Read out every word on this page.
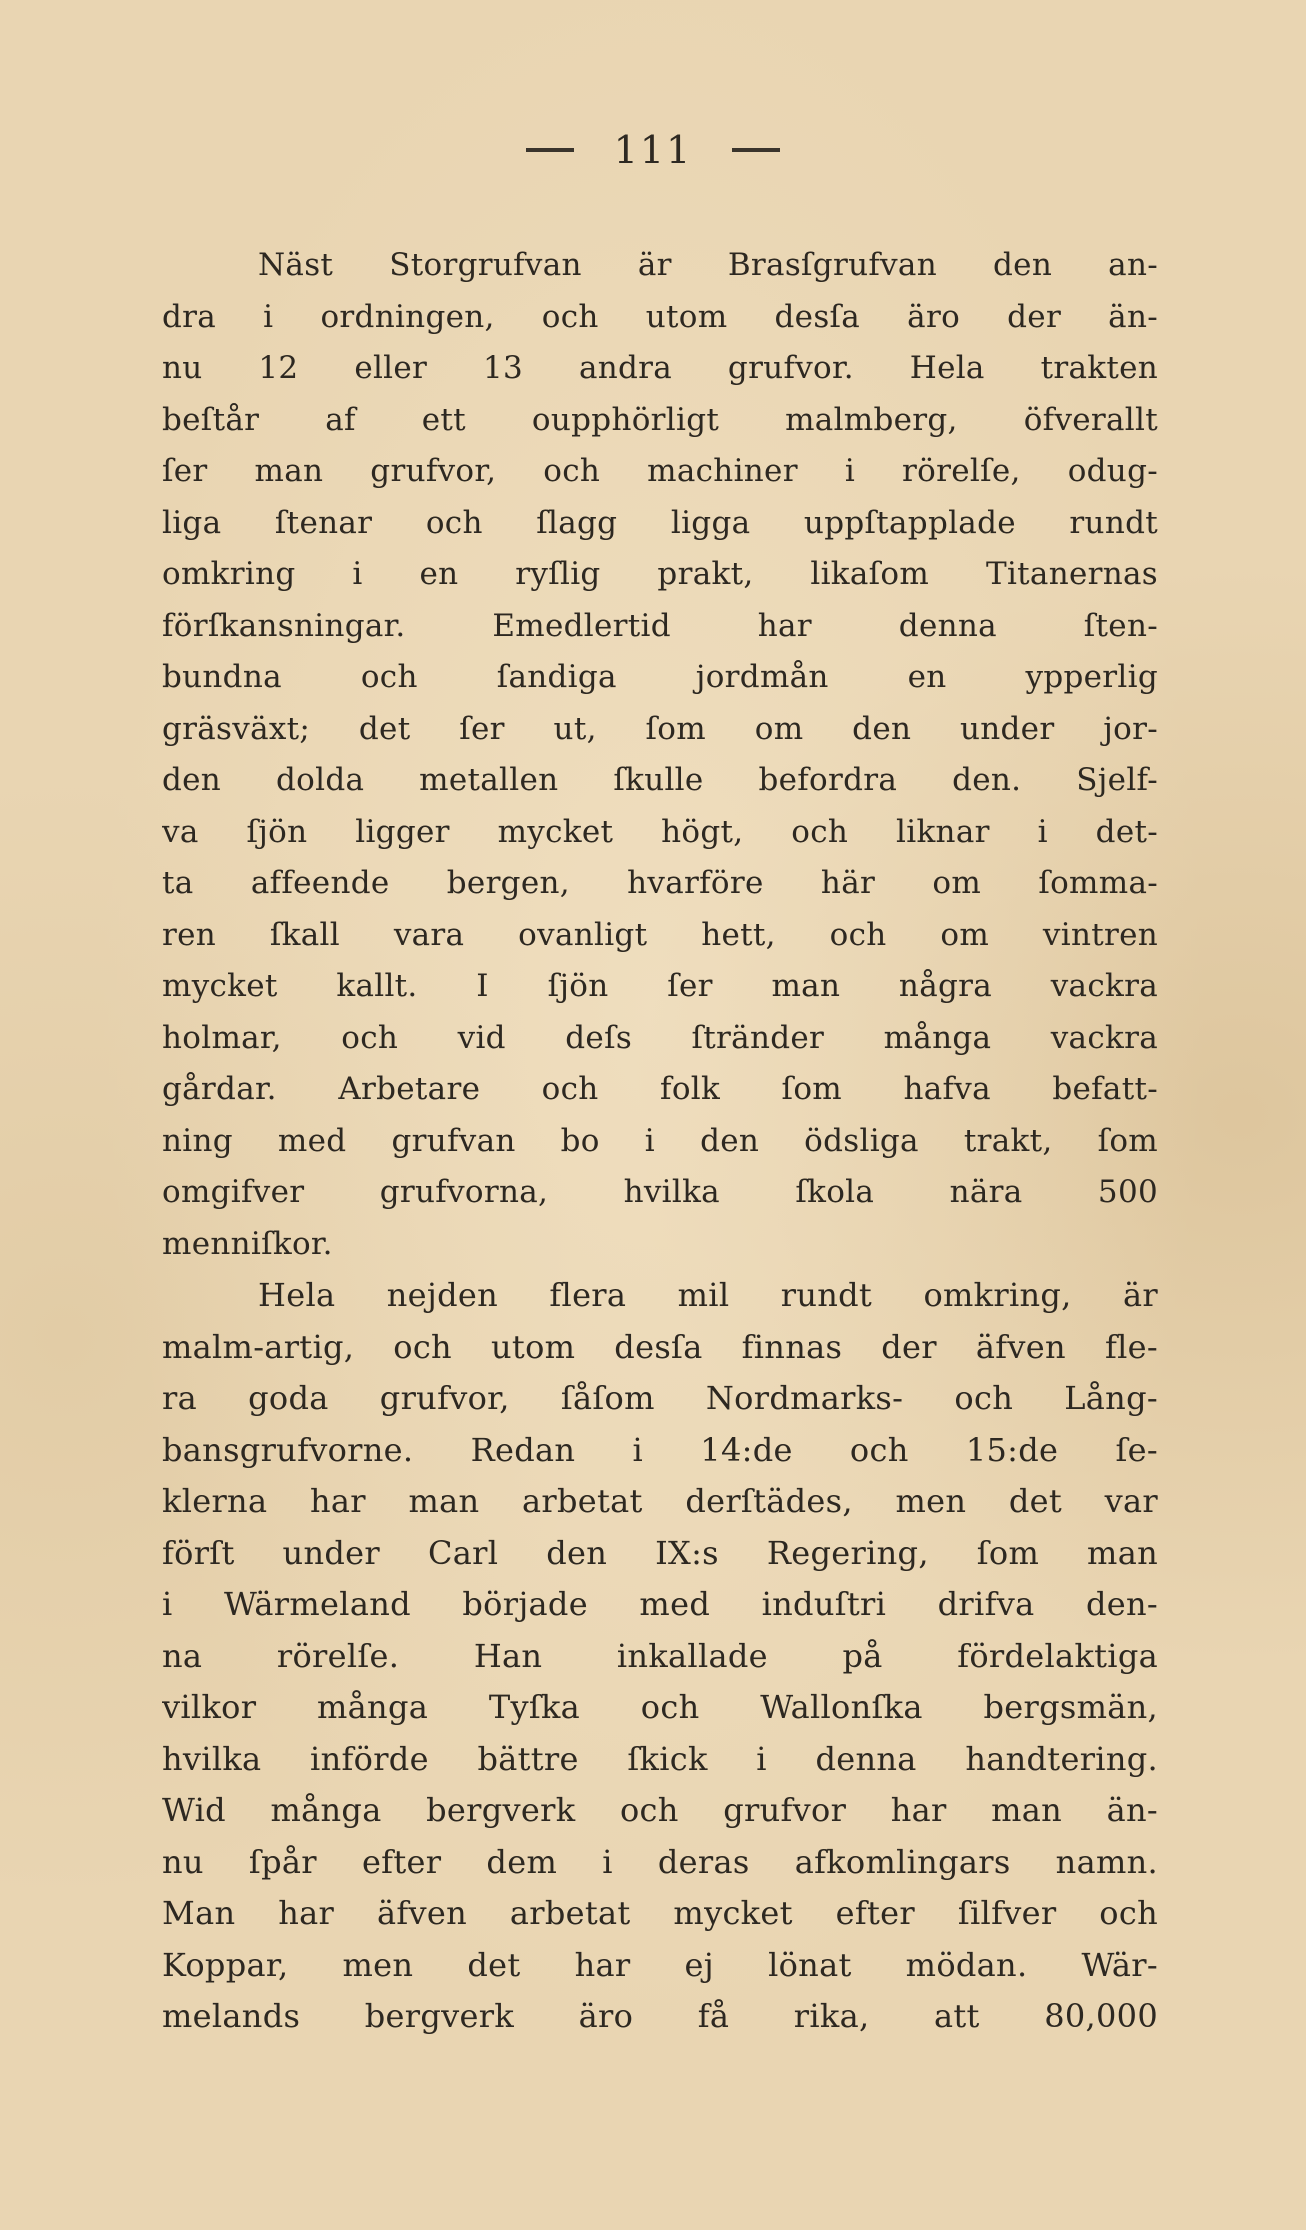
111
Näst Storgrufvan är Brasſgrufvan den an-
dra i ordningen, och utom desſa äro der än-
nu 12 eller 13 andra grufvor. Hela trakten
beſtår af ett oupphörligt malmberg, öfverallt
ſer man grufvor, och machiner i rörelſe, odug-
liga ſtenar och ſlagg ligga uppſtapplade rundt
omkring i en ryſlig prakt, likaſom Titanernas
förſkansningar. Emedlertid har denna ſten-
bundna och ſandiga jordmån en ypperlig
gräsväxt; det ſer ut, ſom om den under jor-
den dolda metallen ſkulle befordra den. Sjelf-
va ſjön ligger mycket högt, och liknar i det-
ta affeende bergen, hvarföre här om ſomma-
ren ſkall vara ovanligt hett, och om vintren
mycket kallt. I ſjön ſer man några vackra
holmar, och vid deſs ſtränder många vackra
gårdar. Arbetare och folk ſom hafva befatt-
ning med grufvan bo i den ödsliga trakt, ſom
omgifver grufvorna, hvilka ſkola nära 500
menniſkor.
Hela nejden flera mil rundt omkring, är
malm-artig, och utom desſa finnas der äfven fle-
ra goda grufvor, ſåſom Nordmarks- och Lång-
bansgrufvorne. Redan i 14:de och 15:de ſe-
klerna har man arbetat derſtädes, men det var
förſt under Carl den IX:s Regering, ſom man
i Wärmeland började med induſtri drifva den-
na rörelſe. Han inkallade på fördelaktiga
vilkor många Tyſka och Wallonſka bergsmän,
hvilka införde bättre ſkick i denna handtering.
Wid många bergverk och grufvor har man än-
nu ſpår efter dem i deras afkomlingars namn.
Man har äfven arbetat mycket efter ſilfver och
Koppar, men det har ej lönat mödan. Wär-
melands bergverk äro få rika, att 80,000
